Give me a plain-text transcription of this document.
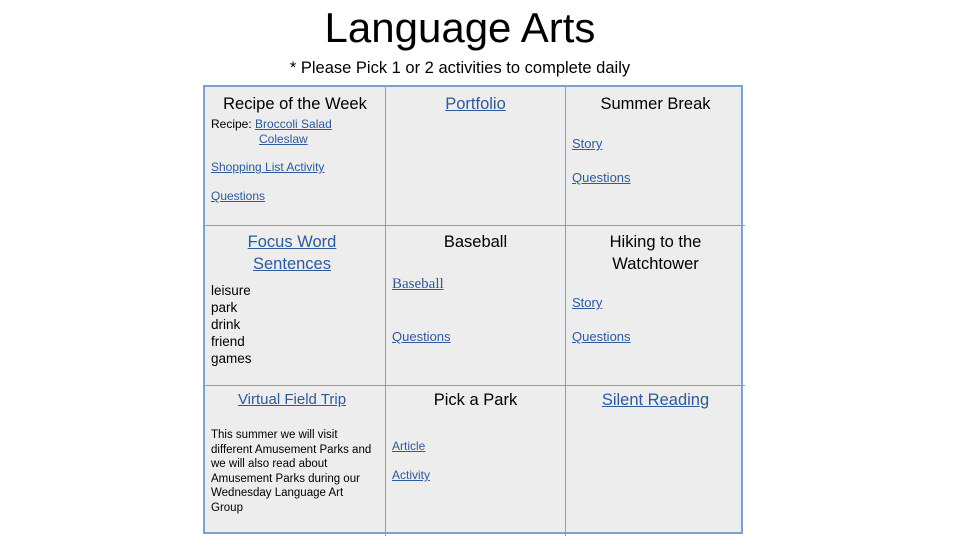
Language Arts
* Please Pick 1 or 2 activities to complete daily
Recipe of the Week
Recipe: Broccoli Salad
Coleslaw
Shopping List Activity
Questions
Portfolio	Summer Break
Story
Questions
Focus Word
Sentences
leisure
park
drink
friend
games
Baseball
Baseball
Questions
Hiking to the
Watchtower
Story
Questions
Virtual Field Trip
This summer we will visit different Amusement Parks and we will also read about Amusement Parks during our Wednesday Language Art Group
Pick a Park
Article
Activity
Silent Reading
